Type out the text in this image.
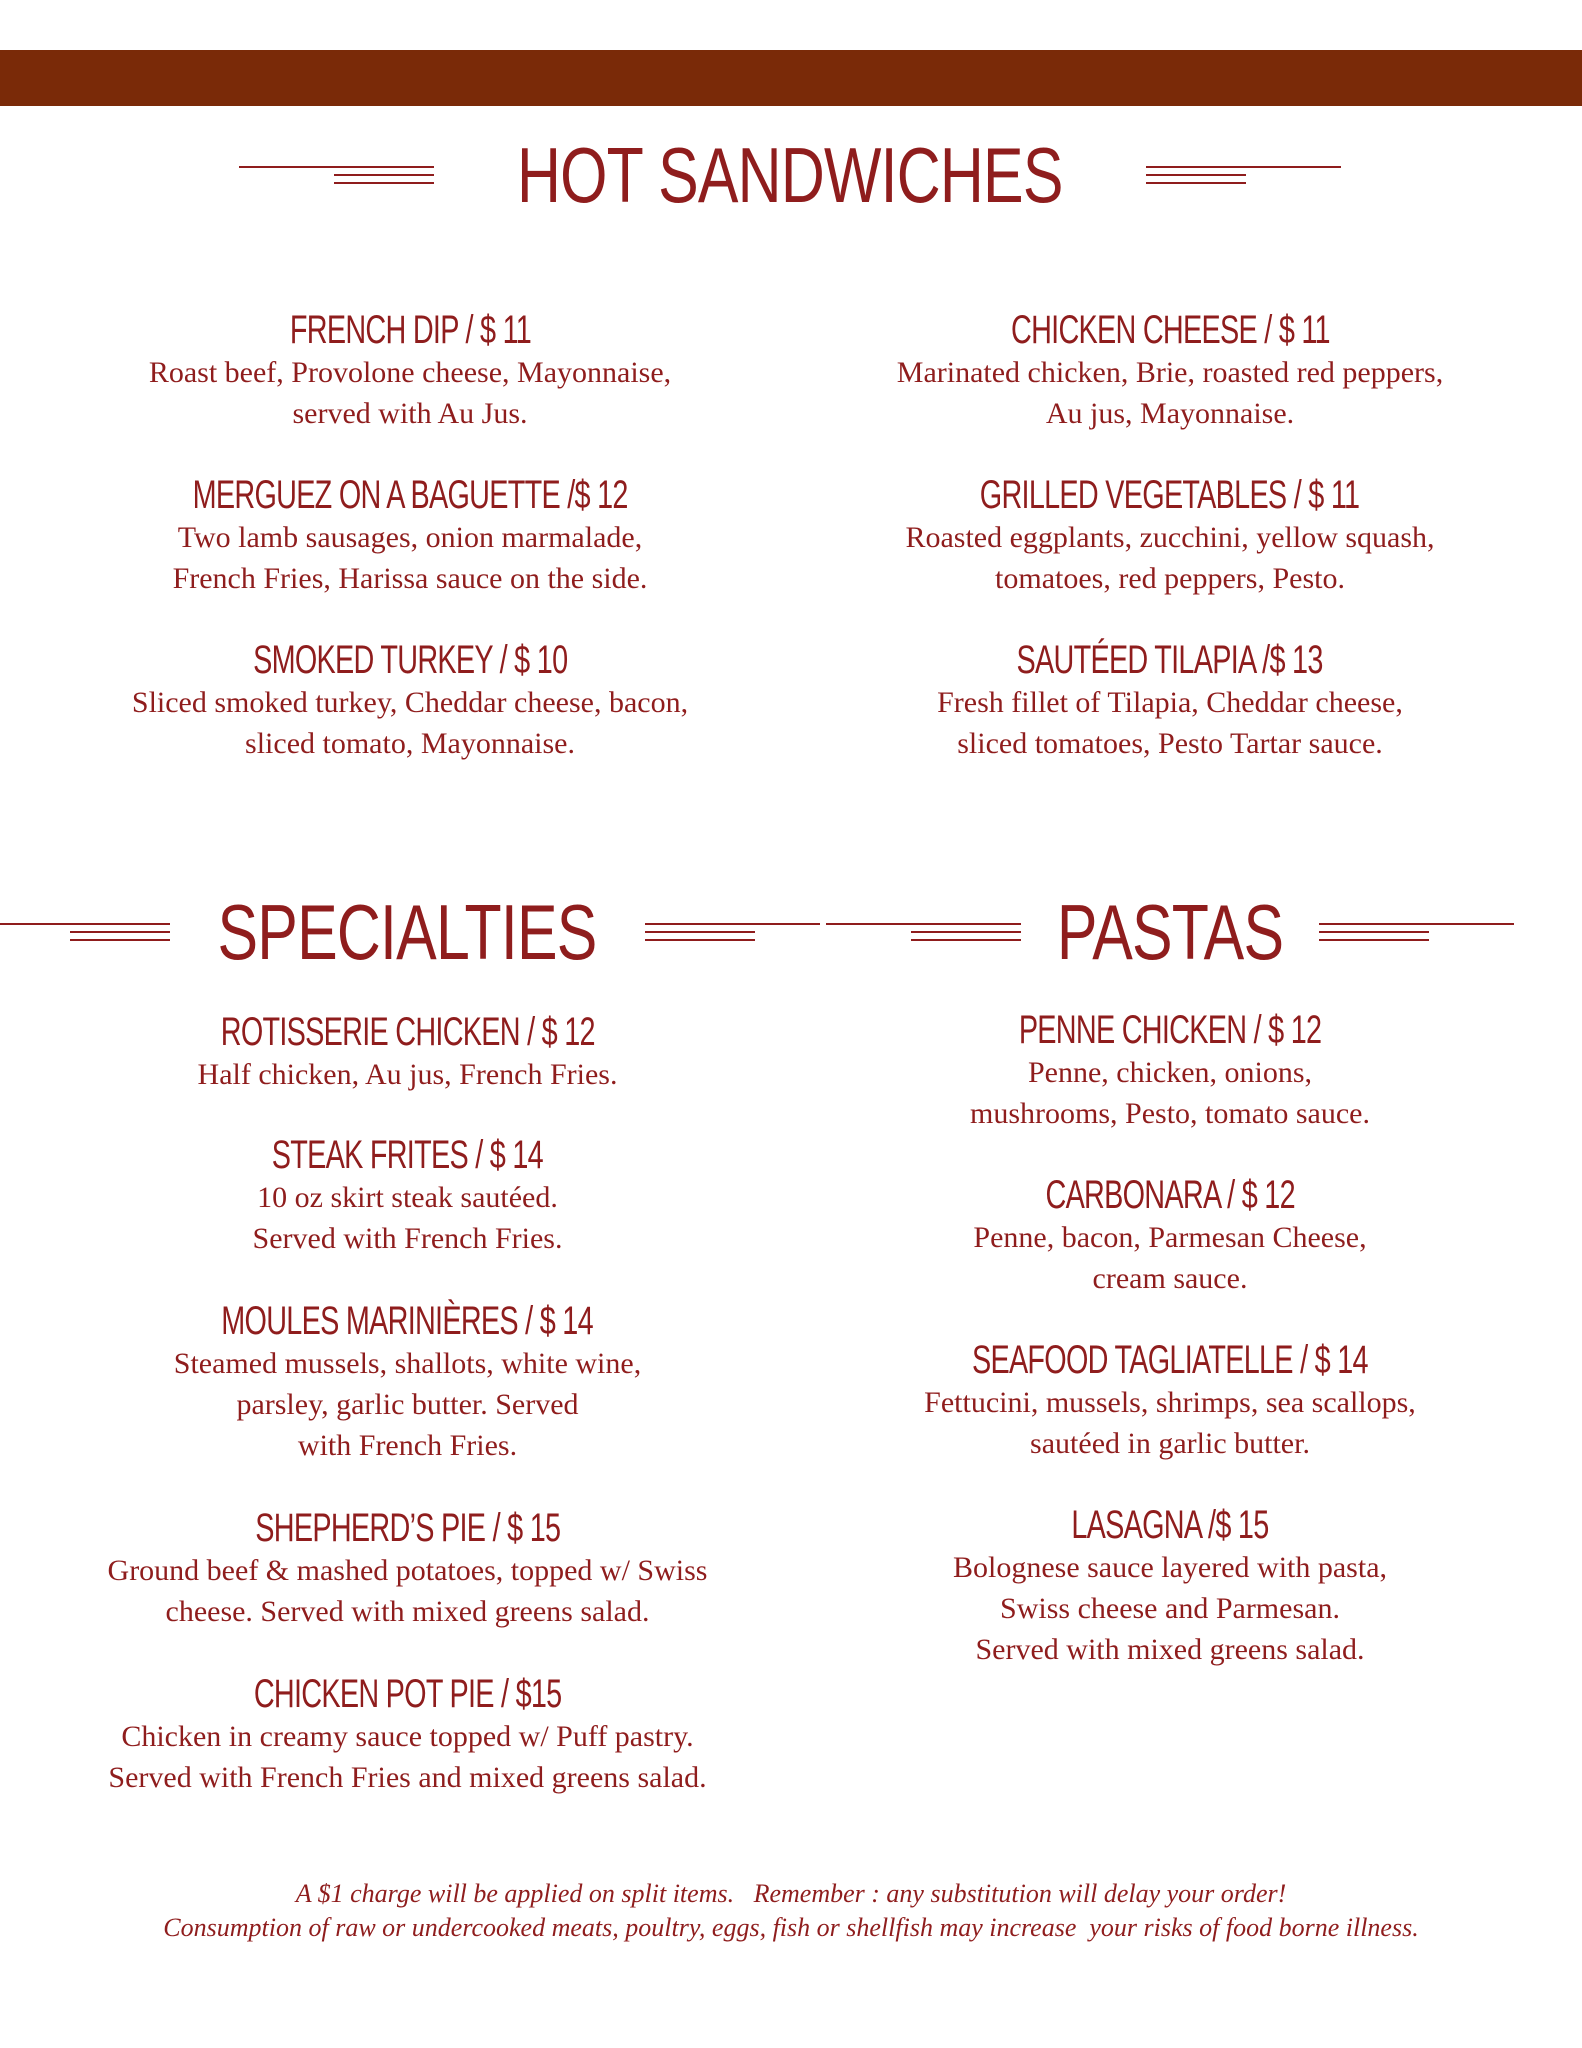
HOT SANDWICHES
FRENCH DIP / $ 11
Roast beef, Provolone cheese, Mayonnaise,
served with Au Jus.
MERGUEZ ON A BAGUETTE /$ 12
Two lamb sausages, onion marmalade,
French Fries, Harissa sauce on the side.
SMOKED TURKEY / $ 10
Sliced smoked turkey, Cheddar cheese, bacon,
sliced tomato, Mayonnaise.
CHICKEN CHEESE / $ 11
Marinated chicken, Brie, roasted red peppers,
Au jus, Mayonnaise.
GRILLED VEGETABLES / $ 11
Roasted eggplants, zucchini, yellow squash,
tomatoes, red peppers, Pesto.
SAUTÉED TILAPIA /$ 13
Fresh fillet of Tilapia, Cheddar cheese,
sliced tomatoes, Pesto Tartar sauce.
SPECIALTIES	PASTAS
ROTISSERIE CHICKEN / $ 12
Half chicken, Au jus, French Fries.
STEAK FRITES / $ 14
10 oz skirt steak sautéed.
Served with French Fries.
MOULES MARINIÈRES / $ 14
Steamed mussels, shallots, white wine,
parsley, garlic butter. Served
with French Fries.
SHEPHERD’S PIE / $ 15
Ground beef & mashed potatoes, topped w/ Swiss
cheese. Served with mixed greens salad.
CHICKEN POT PIE / $15
Chicken in creamy sauce topped w/ Puff pastry.
Served with French Fries and mixed greens salad.
PENNE CHICKEN / $ 12
Penne, chicken, onions,
mushrooms, Pesto, tomato sauce.
CARBONARA / $ 12
Penne, bacon, Parmesan Cheese,
cream sauce.
SEAFOOD TAGLIATELLE / $ 14
Fettucini, mussels, shrimps, sea scallops,
sautéed in garlic butter.
LASAGNA /$ 15
Bolognese sauce layered with pasta,
Swiss cheese and Parmesan.
Served with mixed greens salad.

A $1 charge will be applied on split items.   Remember : any substitution will delay your order!

Consumption of raw or undercooked meats, poultry, eggs, fish or shellfish may increase  your risks of food borne illness.
